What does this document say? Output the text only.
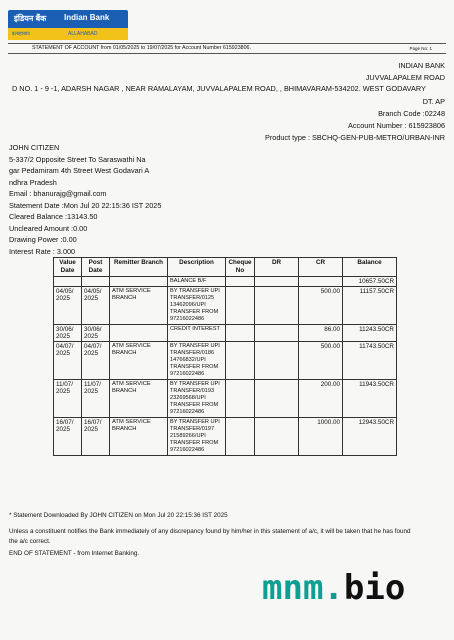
इंडियन बैंक Indian Bank
इलाहाबाद	ALLAHABAD
STATEMENT OF ACCOUNT from 01/05/2025 to 19/07/2025 for Account Number 615923806.	Page No: 1
INDIAN BANK
JUVVALAPALEM ROAD
DT. AP
Branch Code :02248
Account Number : 615923806
Product type : SBCHQ-GEN-PUB-METRO/URBAN-INR
D NO. 1 - 9 -1, ADARSH NAGAR , NEAR RAMALAYAM, JUVVALAPALEM ROAD, , BHIMAVARAM-534202. WEST GODAVARY
JOHN CITIZEN
5-337/2 Opposite Street To Saraswathi Na
gar Pedamiram 4th Street West Godavari A
ndhra Pradesh
Email : bhanurajg@gmail.com
Statement Date :Mon Jul 20 22:15:36 IST 2025
Cleared Balance :13143.50
Uncleared Amount :0.00
Drawing Power :0.00
Interest Rate : 3.000
Value Date	Post Date	Remitter Branch	Description	Cheque No	DR	CR	Balance
			BALANCE B/F				10657.50CR
04/05/ 2025	04/05/ 2025	ATM SERVICE BRANCH	BY TRANSFER UPI TRANSFER/0125 13462096/UPI TRANSFER FROM 97216022486			500.00	11157.50CR
30/06/ 2025	30/06/ 2025		CREDIT INTEREST			86.00	11243.50CR
04/07/ 2025	04/07/ 2025	ATM SERVICE BRANCH	BY TRANSFER UPI TRANSFER/0186 14766832/UPI TRANSFER FROM 97216022486			500.00	11743.50CR
11/07/ 2025	11/07/ 2025	ATM SERVICE BRANCH	BY TRANSFER UPI TRANSFER/0193 23269568/UPI TRANSFER FROM 97216022486			200.00	11943.50CR
16/07/ 2025	16/07/ 2025	ATM SERVICE BRANCH	BY TRANSFER UPI TRANSFER/0197 21589266/UPI TRANSFER FROM 97216022486			1000.00	12943.50CR
* Statement Downloaded By JOHN CITIZEN on Mon Jul 20 22:15:36 IST 2025
Unless a constituent notifies the Bank immediately of any discrepancy found by him/her in this statement of a/c, it will be taken that he has found
the a/c correct.
END OF STATEMENT - from Internet Banking.
mnm.bio
